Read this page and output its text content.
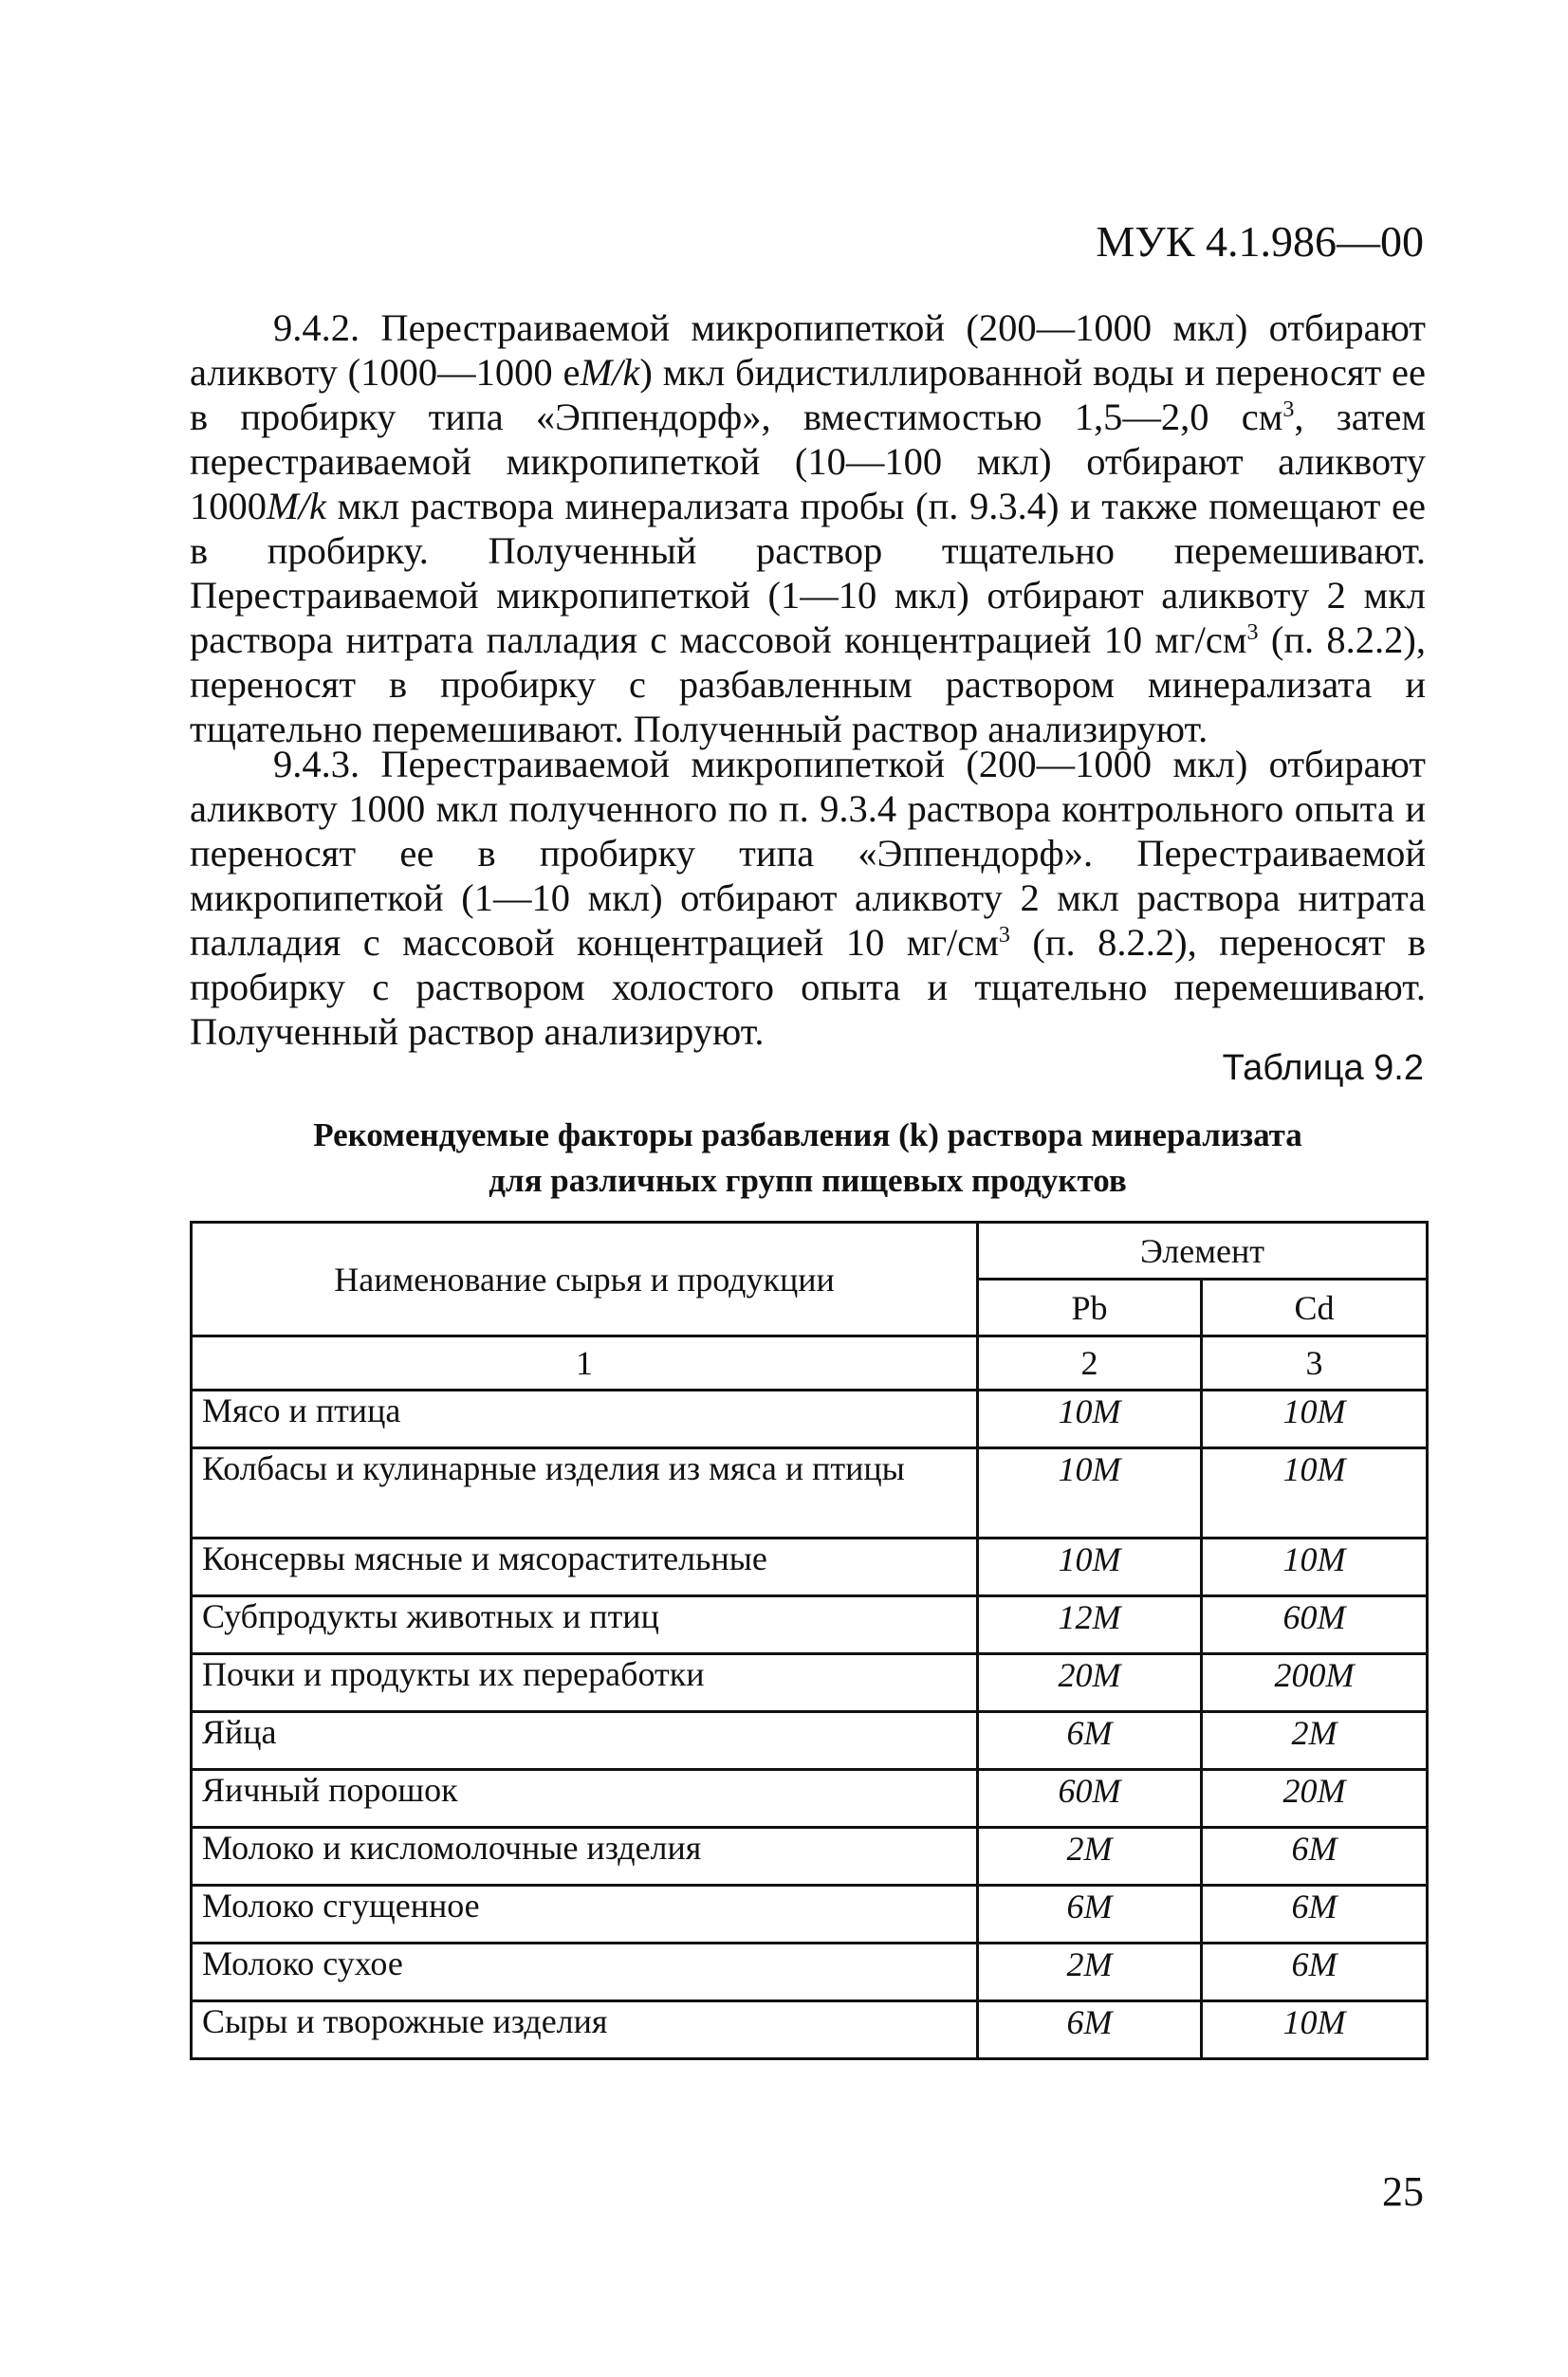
МУК 4.1.986—00

9.4.2. Перестраиваемой микропипеткой (200—1000 мкл) отбирают аликвоту (1000—1000 еM/k) мкл бидистиллированной воды и переносят ее в пробирку типа «Эппендорф», вместимостью 1,5—2,0 $см^3$, затем перестраиваемой микропипеткой (10—100 мкл) отбирают аликвоту 1000M/k мкл раствора минерализата пробы (п. 9.3.4) и также помещают ее в пробирку. Полученный раствор тщательно перемешивают. Перестраиваемой микропипеткой (1—10 мкл) отбирают аликвоту 2 мкл раствора нитрата палладия с массовой концентрацией 10 $мг/см^3$ (п. 8.2.2), переносят в пробирку с разбавленным раствором минерализата и тщательно перемешивают. Полученный раствор анализируют.

9.4.3. Перестраиваемой микропипеткой (200—1000 мкл) отбирают аликвоту 1000 мкл полученного по п. 9.3.4 раствора контрольного опыта и переносят ее в пробирку типа «Эппендорф». Перестраиваемой микропипеткой (1—10 мкл) отбирают аликвоту 2 мкл раствора нитрата палладия с массовой концентрацией 10 $мг/см^3$ (п. 8.2.2), переносят в пробирку с раствором холостого опыта и тщательно перемешивают. Полученный раствор анализируют.

Таблица 9.2
Рекомендуемые факторы разбавления (k) раствора минерализата
для различных групп пищевых продуктов
Наименование сырья и продукции	Элемент	
	Pb	Cd
1	2	3
Мясо и птица	10M	10M
Колбасы и кулинарные изделия из мяса и птицы	10M	10M
Консервы мясные и мясорастительные	10M	10M
Субпродукты животных и птиц	12M	60M
Почки и продукты их переработки	20M	200M
Яйца	6M	2M
Яичный порошок	60M	20M
Молоко и кисломолочные изделия	2M	6M
Молоко сгущенное	6M	6M
Молоко сухое	2M	6M
Сыры и творожные изделия	6M	10M
25
